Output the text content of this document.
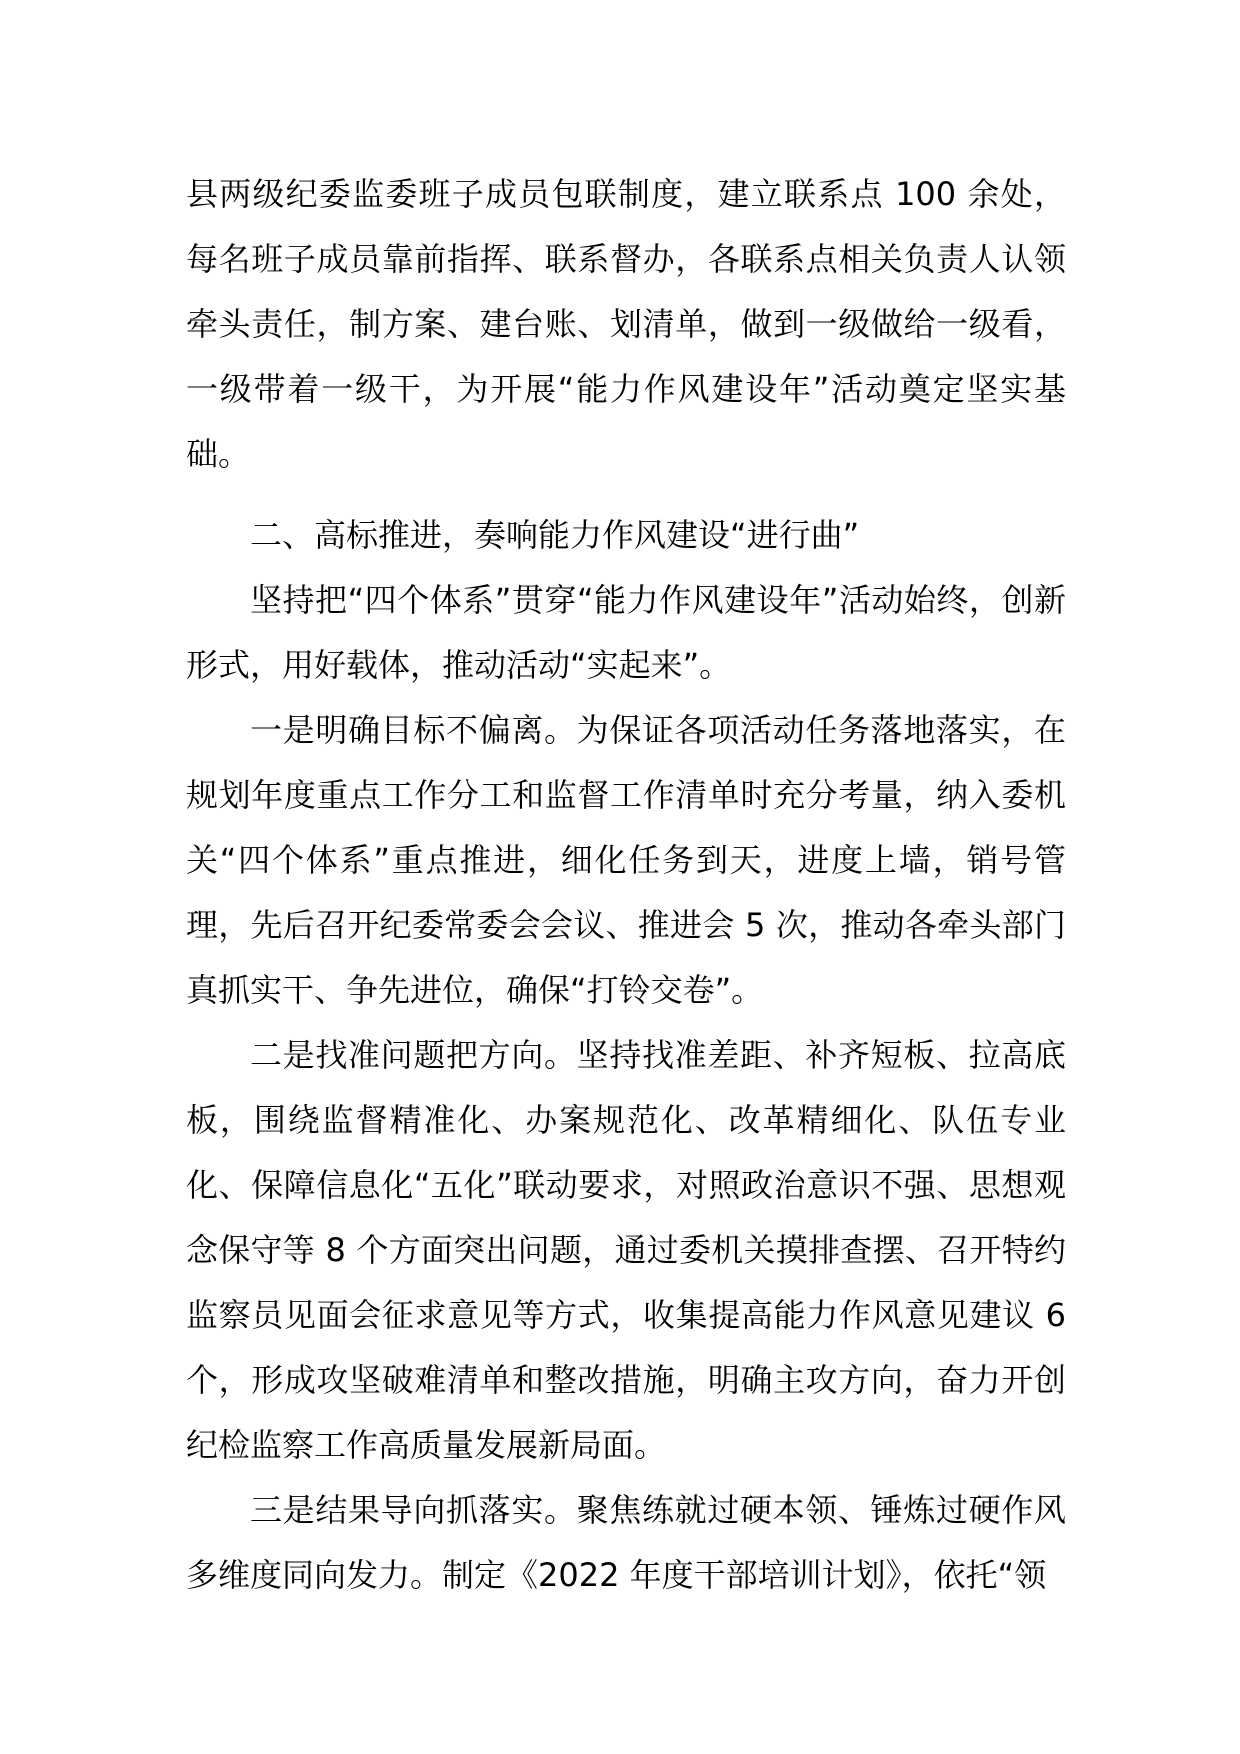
县两级纪委监委班子成员包联制度，建立联系点 100 余处，每名班子成员靠前指挥、联系督办，各联系点相关负责人认领牵头责任，制方案、建台账、划清单，做到一级做给一级看，一级带着一级干，为开展“能力作风建设年”活动奠定坚实基础。

二、高标推进，奏响能力作风建设“进行曲”

坚持把“四个体系”贯穿“能力作风建设年”活动始终，创新形式，用好载体，推动活动“实起来”。

一是明确目标不偏离。为保证各项活动任务落地落实，在规划年度重点工作分工和监督工作清单时充分考量，纳入委机关“四个体系”重点推进，细化任务到天，进度上墙，销号管理，先后召开纪委常委会会议、推进会 5 次，推动各牵头部门真抓实干、争先进位，确保“打铃交卷”。

二是找准问题把方向。坚持找准差距、补齐短板、拉高底板，围绕监督精准化、办案规范化、改革精细化、队伍专业化、保障信息化“五化”联动要求，对照政治意识不强、思想观念保守等 8 个方面突出问题，通过委机关摸排查摆、召开特约监察员见面会征求意见等方式，收集提高能力作风意见建议 6 个，形成攻坚破难清单和整改措施，明确主攻方向，奋力开创纪检监察工作高质量发展新局面。

三是结果导向抓落实。聚焦练就过硬本领、锤炼过硬作风多维度同向发力。制定《2022 年度干部培训计划》，依托“领
